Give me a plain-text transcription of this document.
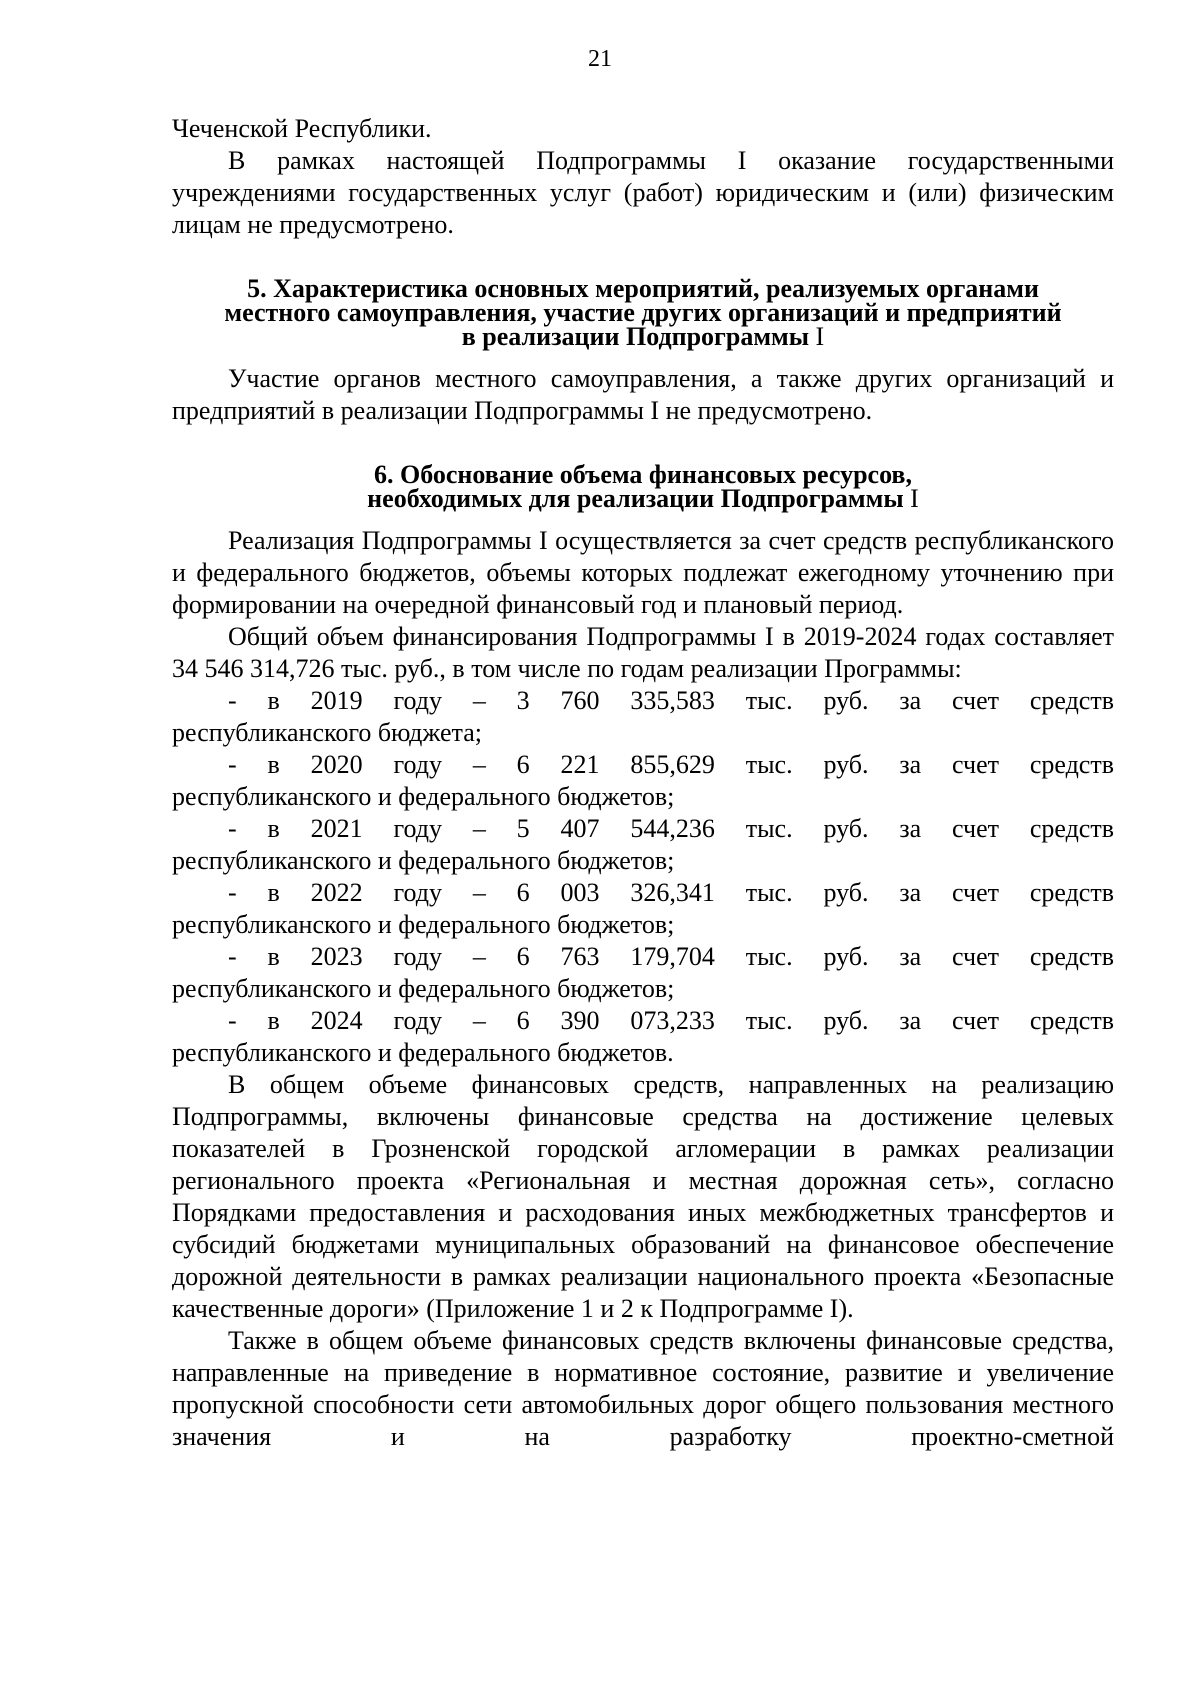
21

Чеченской Республики.

В рамках настоящей Подпрограммы I оказание государственными учреждениями государственных услуг (работ) юридическим и (или) физическим лицам не предусмотрено.

5. Характеристика основных мероприятий, реализуемых органами
местного самоуправления, участие других организаций и предприятий
в реализации Подпрограммы I

Участие органов местного самоуправления, а также других организаций и предприятий в реализации Подпрограммы I не предусмотрено.

6. Обоснование объема финансовых ресурсов,
необходимых для реализации Подпрограммы I

Реализация Подпрограммы I осуществляется за счет средств республиканского и федерального бюджетов, объемы которых подлежат ежегодному уточнению при формировании на очередной финансовый год и плановый период.

Общий объем финансирования Подпрограммы I в 2019-2024 годах составляет 34 546 314,726 тыс. руб., в том числе по годам реализации Программы:

- в 2019 году – 3 760 335,583 тыс. руб. за счет средств

республиканского бюджета;

- в 2020 году – 6 221 855,629 тыс. руб. за счет средств

республиканского и федерального бюджетов;

- в 2021 году – 5 407 544,236 тыс. руб. за счет средств

республиканского и федерального бюджетов;

- в 2022 году – 6 003 326,341 тыс. руб. за счет средств

республиканского и федерального бюджетов;

- в 2023 году – 6 763 179,704 тыс. руб. за счет средств

республиканского и федерального бюджетов;

- в 2024 году – 6 390 073,233 тыс. руб. за счет средств

республиканского и федерального бюджетов.

В общем объеме финансовых средств, направленных на реализацию Подпрограммы, включены финансовые средства на достижение целевых показателей в Грозненской городской агломерации в рамках реализации регионального проекта «Региональная и местная дорожная сеть», согласно Порядками предоставления и расходования иных межбюджетных трансфертов и субсидий бюджетами муниципальных образований на финансовое обеспечение дорожной деятельности в рамках реализации национального проекта «Безопасные качественные дороги» (Приложение 1 и 2 к Подпрограмме I).

Также в общем объеме финансовых средств включены финансовые средства, направленные на приведение в нормативное состояние, развитие и увеличение пропускной способности сети автомобильных дорог общего пользования местного значения и на разработку проектно-сметной
